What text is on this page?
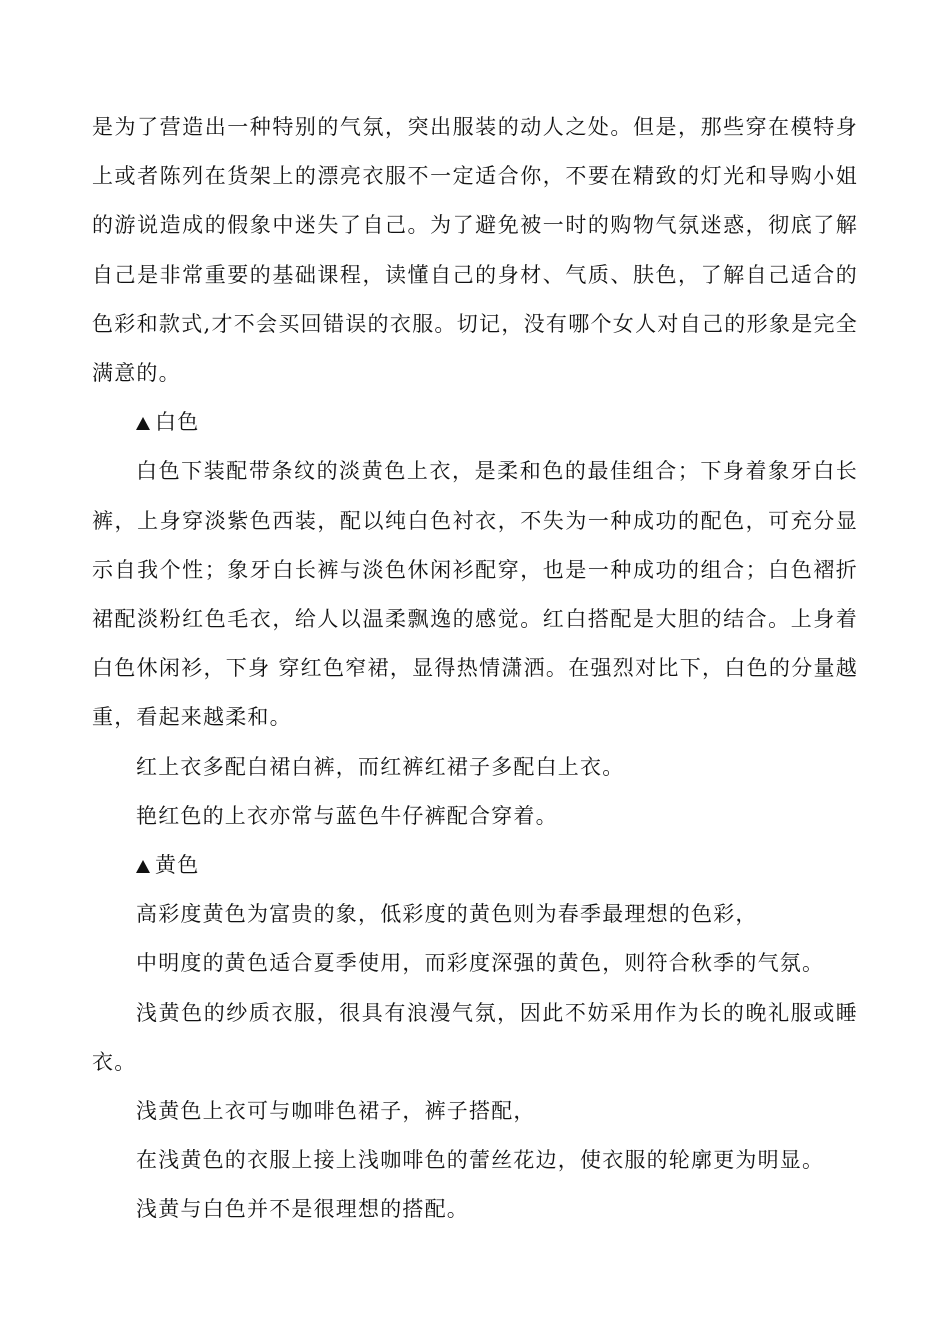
是为了营造出一种特别的气氛，突出服装的动人之处。但是，那些穿在模特身上或者陈列在货架上的漂亮衣服不一定适合你，不要在精致的灯光和导购小姐的游说造成的假象中迷失了自己。为了避免被一时的购物气氛迷惑，彻底了解自己是非常重要的基础课程，读懂自己的身材、气质、肤色，了解自己适合的色彩和款式,才不会买回错误的衣服。切记，没有哪个女人对自己的形象是完全满意的。

白色

白色下装配带条纹的淡黄色上衣，是柔和色的最佳组合；下身着象牙白长裤，上身穿淡紫色西装，配以纯白色衬衣，不失为一种成功的配色，可充分显示自我个性；象牙白长裤与淡色休闲衫配穿，也是一种成功的组合；白色褶折裙配淡粉红色毛衣，给人以温柔飘逸的感觉。红白搭配是大胆的结合。上身着白色休闲衫，下身 穿红色窄裙，显得热情潇洒。在强烈对比下，白色的分量越重，看起来越柔和。

红上衣多配白裙白裤，而红裤红裙子多配白上衣。

艳红色的上衣亦常与蓝色牛仔裤配合穿着。

黄色

高彩度黄色为富贵的象，低彩度的黄色则为春季最理想的色彩，

中明度的黄色适合夏季使用，而彩度深强的黄色，则符合秋季的气氛。

浅黄色的纱质衣服，很具有浪漫气氛，因此不妨采用作为长的晚礼服或睡衣。

浅黄色上衣可与咖啡色裙子，裤子搭配，

在浅黄色的衣服上接上浅咖啡色的蕾丝花边，使衣服的轮廓更为明显。

浅黄与白色并不是很理想的搭配。
